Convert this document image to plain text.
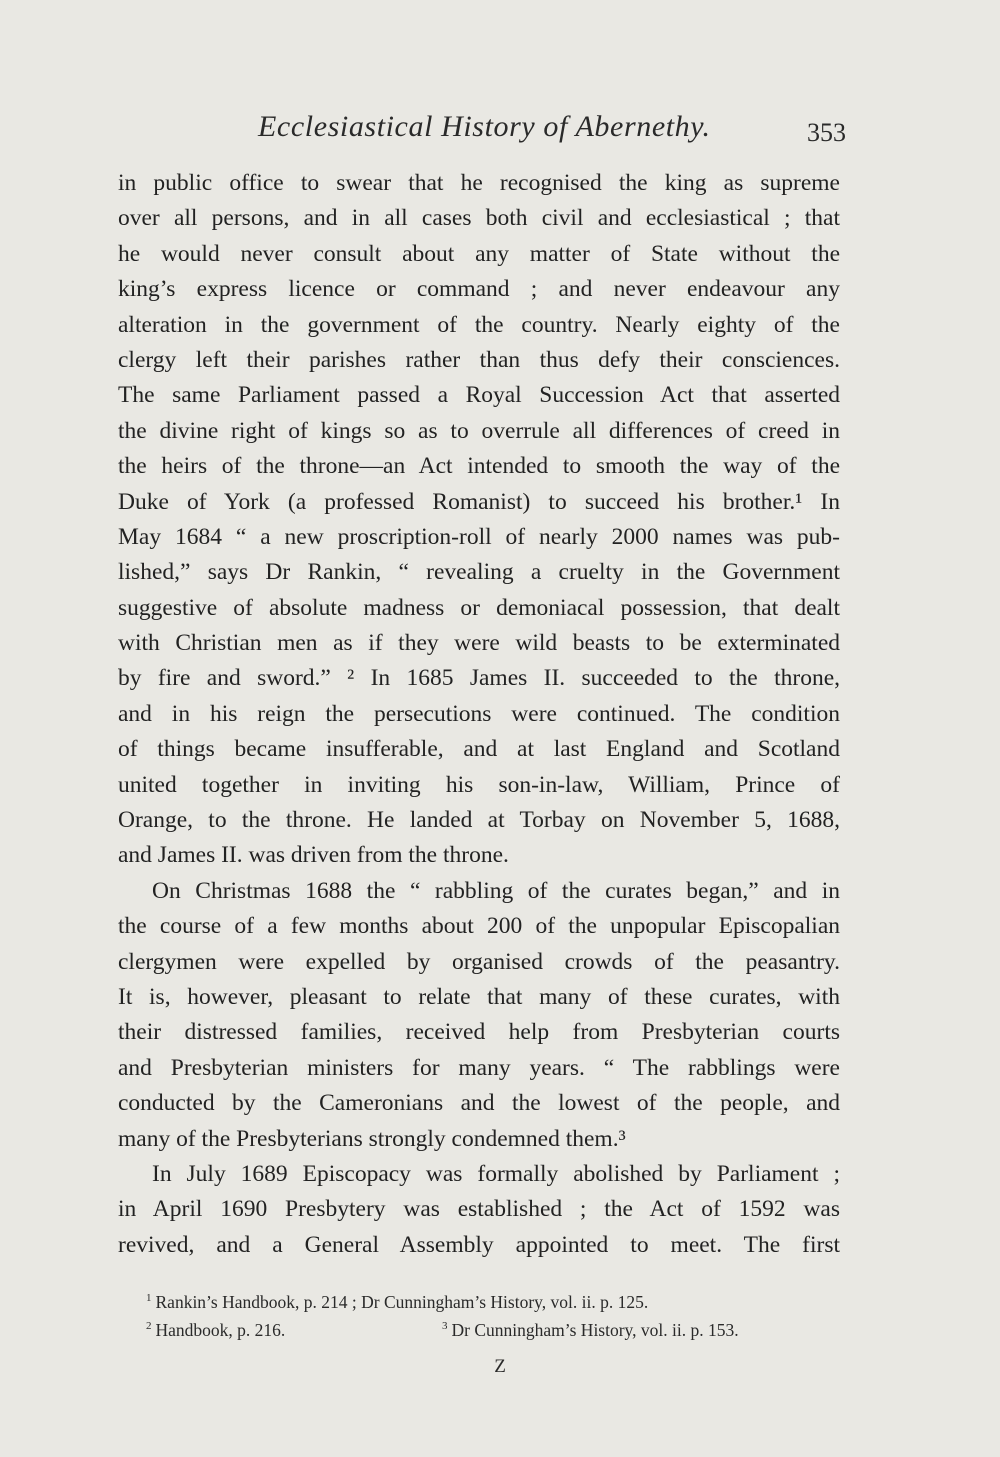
Ecclesiastical History of Abernethy.	353
in public office to swear that he recognised the king as supreme
over all persons, and in all cases both civil and ecclesiastical ; that
he would never consult about any matter of State without the
king’s express licence or command ; and never endeavour any
alteration in the government of the country. Nearly eighty of the
clergy left their parishes rather than thus defy their consciences.
The same Parliament passed a Royal Succession Act that asserted
the divine right of kings so as to overrule all differences of creed in
the heirs of the throne—an Act intended to smooth the way of the
Duke of York (a professed Romanist) to succeed his brother.¹ In
May 1684 “ a new proscription-roll of nearly 2000 names was pub-
lished,” says Dr Rankin, “ revealing a cruelty in the Government
suggestive of absolute madness or demoniacal possession, that dealt
with Christian men as if they were wild beasts to be exterminated
by fire and sword.” ² In 1685 James II. succeeded to the throne,
and in his reign the persecutions were continued. The condition
of things became insufferable, and at last England and Scotland
united together in inviting his son-in-law, William, Prince of
Orange, to the throne. He landed at Torbay on November 5, 1688,
and James II. was driven from the throne.
On Christmas 1688 the “ rabbling of the curates began,” and in
the course of a few months about 200 of the unpopular Episcopalian
clergymen were expelled by organised crowds of the peasantry.
It is, however, pleasant to relate that many of these curates, with
their distressed families, received help from Presbyterian courts
and Presbyterian ministers for many years. “ The rabblings were
conducted by the Cameronians and the lowest of the people, and
many of the Presbyterians strongly condemned them.³
In July 1689 Episcopacy was formally abolished by Parliament ;
in April 1690 Presbytery was established ; the Act of 1592 was
revived, and a General Assembly appointed to meet. The first
$^1$ Rankin’s Handbook, p. 214 ; Dr Cunningham’s History, vol. ii. p. 125.
$^2$ Handbook, p. 216.	$^3$ Dr Cunningham’s History, vol. ii. p. 153.
Z
